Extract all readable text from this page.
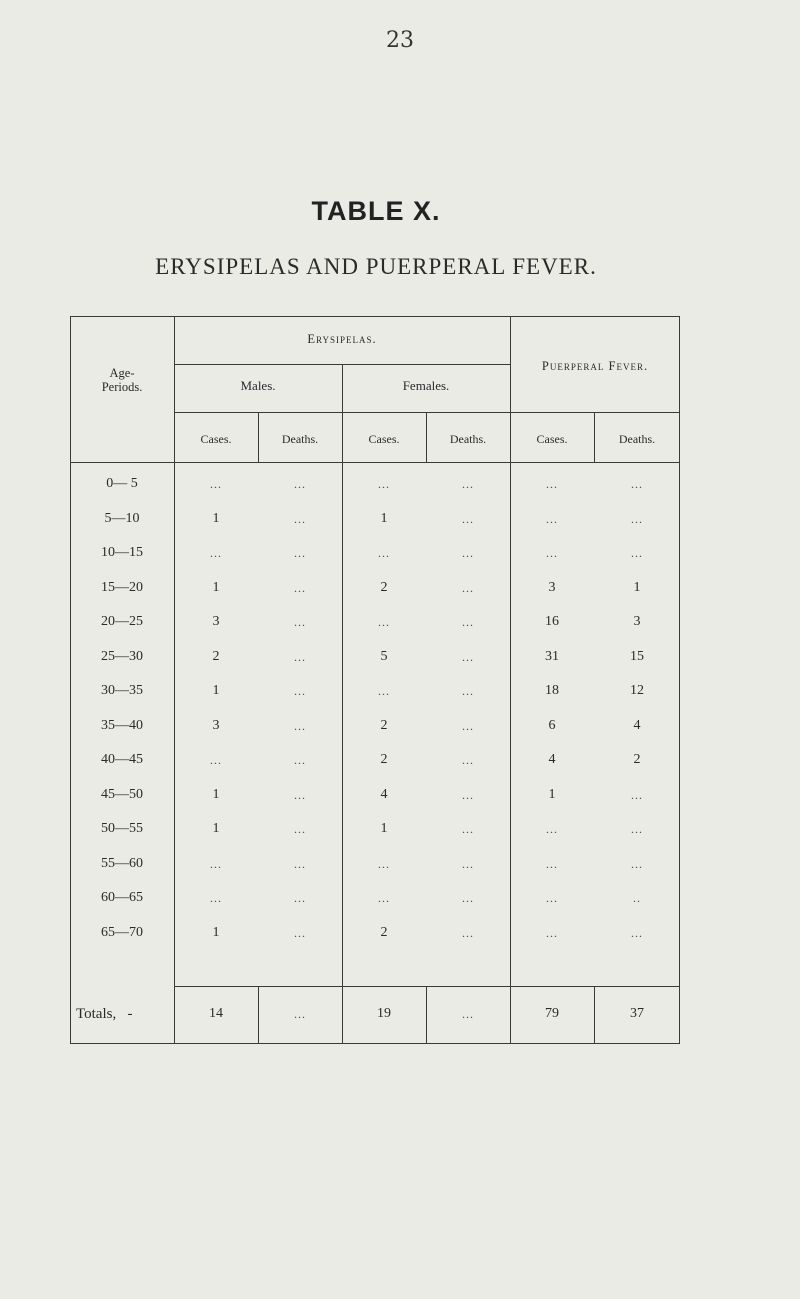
23
TABLE X.
ERYSIPELAS AND PUERPERAL FEVER.
Age-
Periods.
Erysipelas.
Puerperal Fever.
Males.	Females.
Cases.	Deaths.	Cases.	Deaths.	Cases.	Deaths.
0— 5	...	...	...	...	...	...
5—10	1	...	1	...	...	...
10—15	...	...	...	...	...	...
15—20	1	...	2	...	3	1
20—25	3	...	...	...	16	3
25—30	2	...	5	...	31	15
30—35	1	...	...	...	18	12
35—40	3	...	2	...	6	4
40—45	...	...	2	...	4	2
45—50	1	...	4	...	1	...
50—55	1	...	1	...	...	...
55—60	...	...	...	...	...	...
60—65	...	...	...	...	...	..
65—70	1	...	2	...	...	...
Totals,   -	14	...	19	...	79	37
